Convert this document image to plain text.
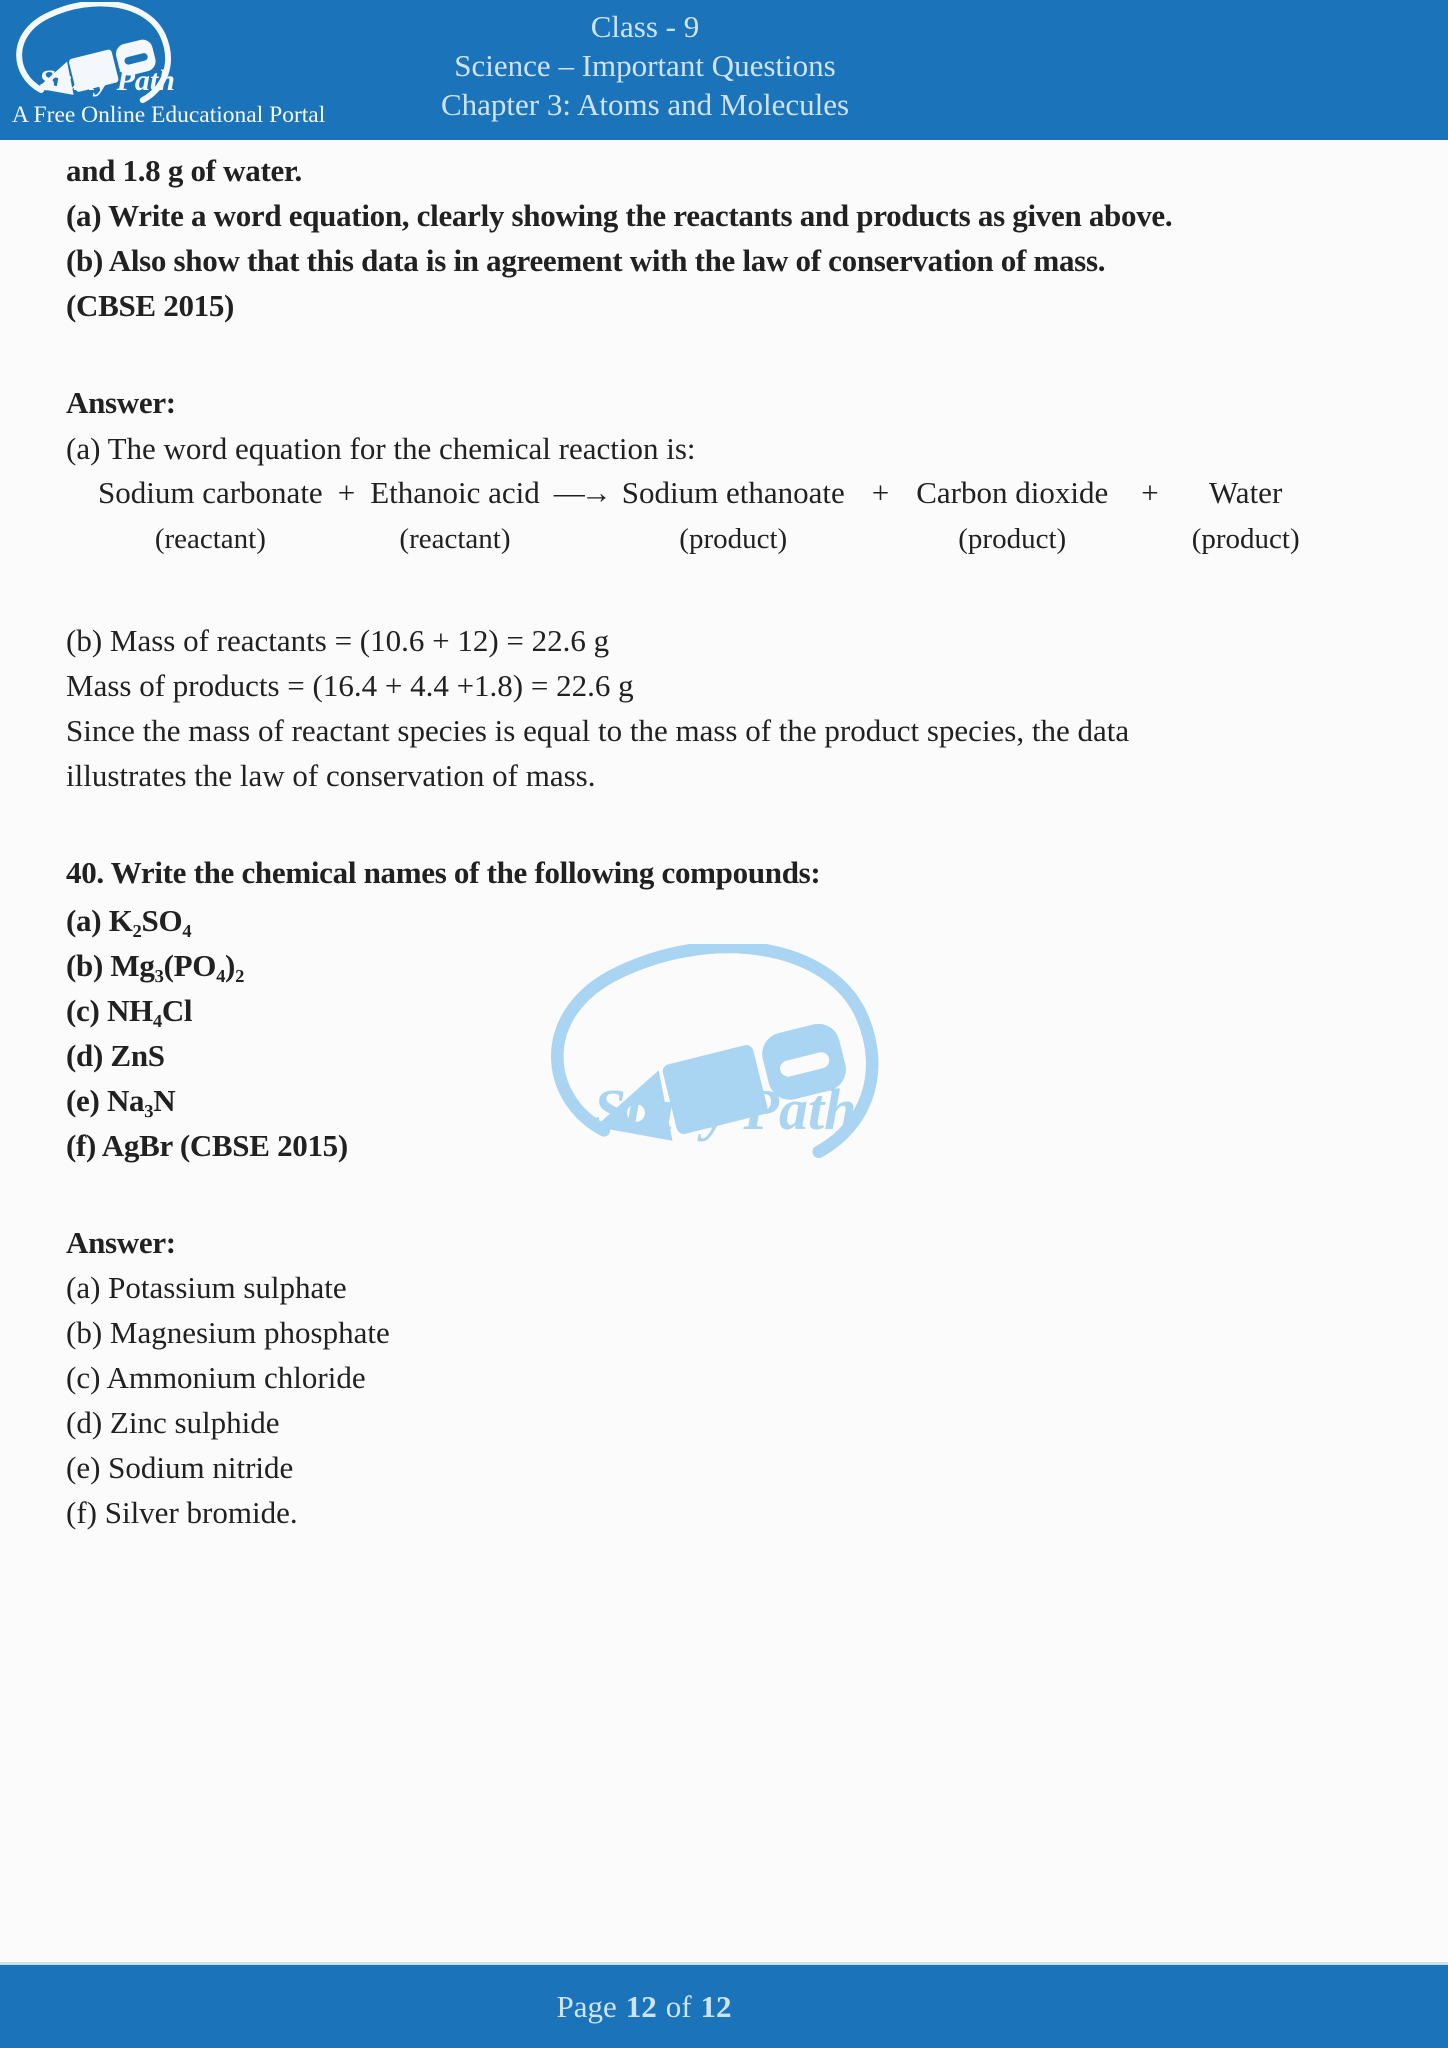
Study Path
A Free Online Educational Portal
Class - 9
Science – Important Questions
Chapter 3: Atoms and Molecules
and 1.8 g of water.
(a) Write a word equation, clearly showing the reactants and products as given above.
(b) Also show that this data is in agreement with the law of conservation of mass.
(CBSE 2015)
Answer:
(a) The word equation for the chemical reaction is:
Sodium carbonate
(reactant)
+ Ethanoic acid
(reactant)
—→ Sodium ethanoate
(product)
+ Carbon dioxide
(product)
+	Water
(product)
(b) Mass of reactants = (10.6 + 12) = 22.6 g
Mass of products = (16.4 + 4.4 +1.8) = 22.6 g
Since the mass of reactant species is equal to the mass of the product species, the data
illustrates the law of conservation of mass.
40. Write the chemical names of the following compounds:
(a) K₂SO₄
(b) Mg₃(PO₄)₂
(c) NH₄Cl
(d) ZnS
(e) Na₃N
(f) AgBr (CBSE 2015)
Answer:
(a) Potassium sulphate
(b) Magnesium phosphate
(c) Ammonium chloride
(d) Zinc sulphide
(e) Sodium nitride
(f) Silver bromide.
Study Path
Page 12 of 12
